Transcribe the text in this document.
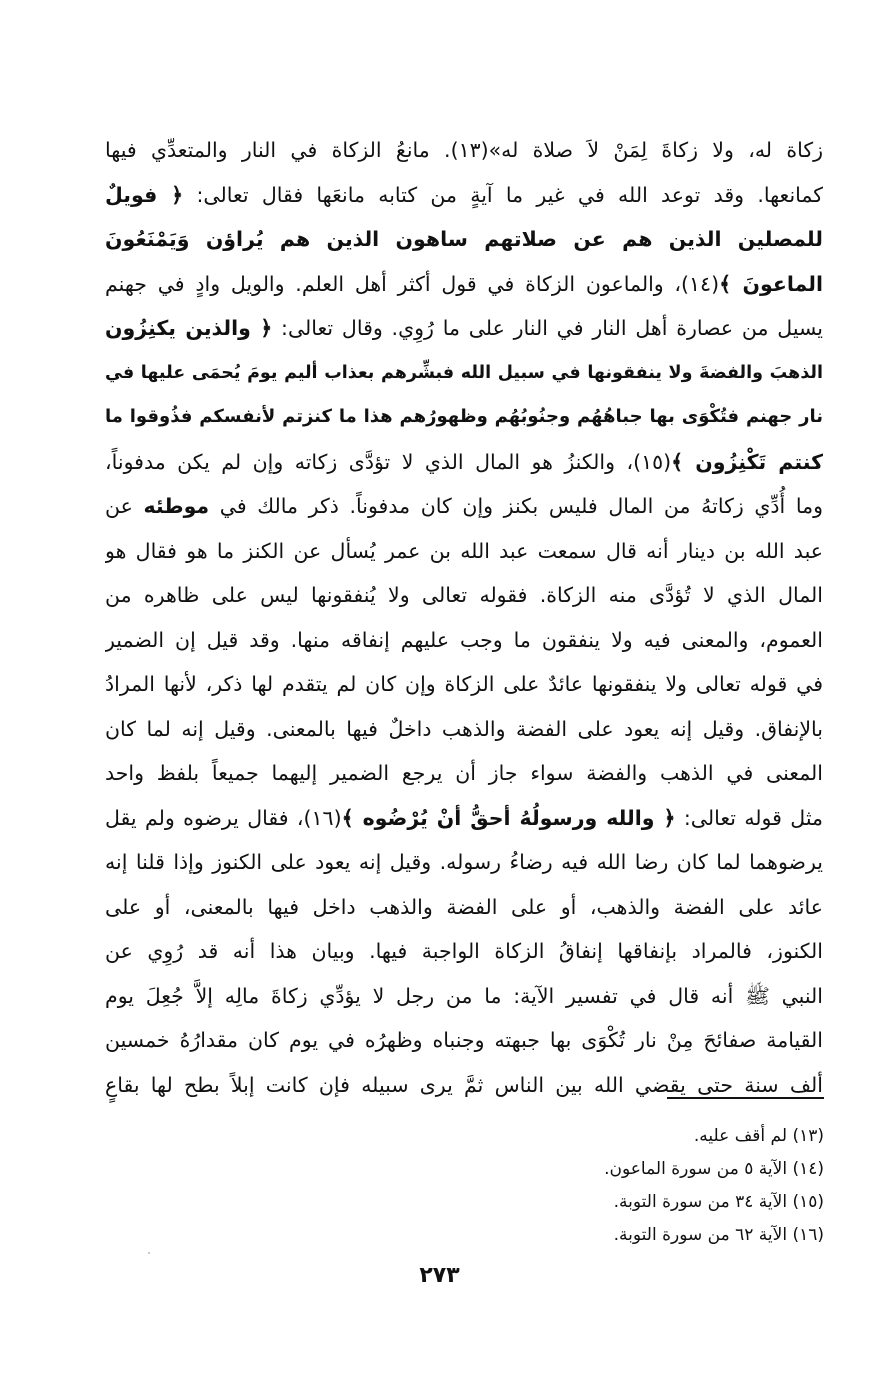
زكاة له، ولا زكاةَ لِمَنْ لاَ صلاة له»(١٣). مانعُ الزكاة في النار والمتعدِّي فيها
كمانعها. وقد توعد الله في غير ما آيةٍ من كتابه مانعَها فقال تعالى: ﴿ فويلٌ
للمصلين الذين هم عن صلاتهم ساهون الذين هم يُراؤن وَيَمْنَعُونَ
الماعونَ ﴾(١٤)، والماعون الزكاة في قول أكثر أهل العلم. والويل وادٍ في جهنم
يسيل من عصارة أهل النار في النار على ما رُوِي. وقال تعالى: ﴿ والذين يكنِزُون
الذهبَ والفضةَ ولا ينفقونها في سبيل الله فبشِّرهم بعذاب أليم يومَ يُحمَى عليها في
نار جهنم فتُكْوَى بها جباهُهُم وجنُوبُهُم وظهورُهم هذا ما كنزتم لأنفسكم فذُوقوا ما
كنتم تَكْنِزُون ﴾(١٥)، والكنزُ هو المال الذي لا تؤدَّى زكاته وإن لم يكن مدفوناً،
وما أُدِّي زكاتهُ من المال فليس بكنز وإن كان مدفوناً. ذكر مالك في موطئه عن
عبد الله بن دينار أنه قال سمعت عبد الله بن عمر يُسأل عن الكنز ما هو فقال هو
المال الذي لا تُؤدَّى منه الزكاة. فقوله تعالى ولا يُنفقونها ليس على ظاهره من
العموم، والمعنى فيه ولا ينفقون ما وجب عليهم إنفاقه منها. وقد قيل إن الضمير
في قوله تعالى ولا ينفقونها عائدٌ على الزكاة وإن كان لم يتقدم لها ذكر، لأنها المرادُ
بالإنفاق. وقيل إنه يعود على الفضة والذهب داخلٌ فيها بالمعنى. وقيل إنه لما كان
المعنى في الذهب والفضة سواء جاز أن يرجع الضمير إليهما جميعاً بلفظ واحد
مثل قوله تعالى: ﴿ والله ورسولُهُ أحقُّ أنْ يُرْضُوه ﴾(١٦)، فقال يرضوه ولم يقل
يرضوهما لما كان رضا الله فيه رضاءُ رسوله. وقيل إنه يعود على الكنوز وإذا قلنا إنه
عائد على الفضة والذهب، أو على الفضة والذهب داخل فيها بالمعنى، أو على
الكنوز، فالمراد بإنفاقها إنفاقُ الزكاة الواجبة فيها. وبيان هذا أنه قد رُوِي عن
النبي ﷺ أنه قال في تفسير الآية: ما من رجل لا يؤدِّي زكاةَ مالِه إلاَّ جُعِلَ يوم
القيامة صفائحَ مِنْ نار تُكْوَى بها جبهته وجنباه وظهرُه في يوم كان مقدارُهُ خمسين
ألف سنة حتى يقضي الله بين الناس ثمَّ يرى سبيله فإن كانت إبلاً بطح لها بقاعٍ
(١٣) لم أقف عليه.
(١٤) الآية ٥ من سورة الماعون.
(١٥) الآية ٣٤ من سورة التوبة.
(١٦) الآية ٦٢ من سورة التوبة.
٢٧٣
